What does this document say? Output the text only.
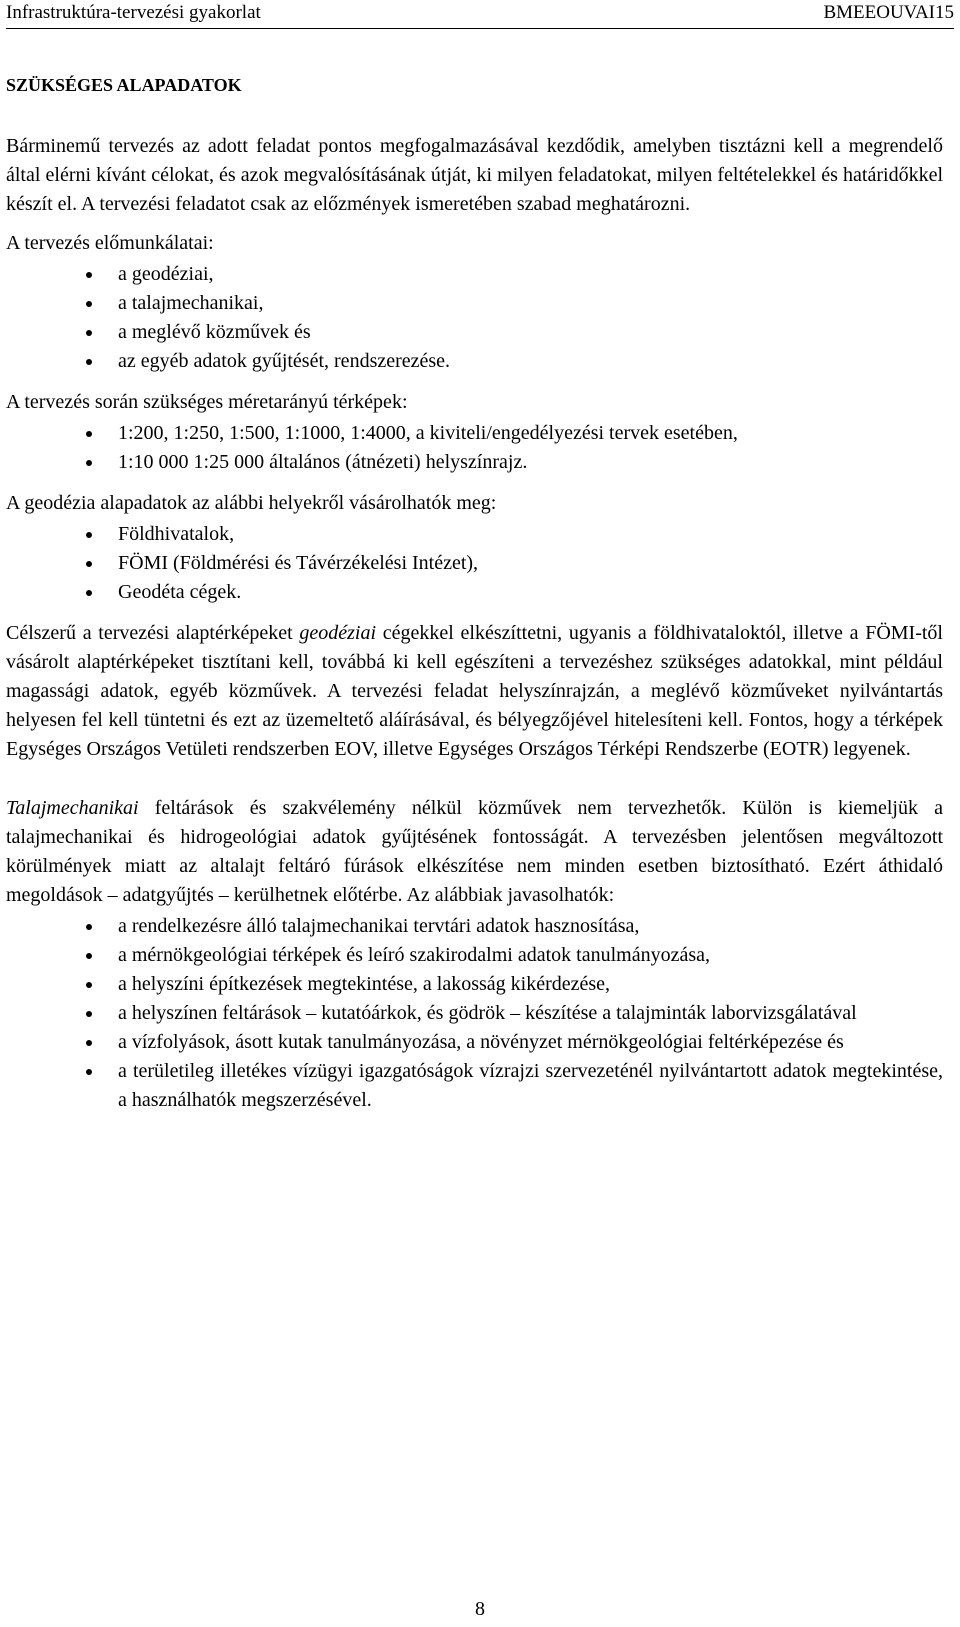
Infrastruktúra-tervezési gyakorlat	BMEEOUVAI15
SZÜKSÉGES ALAPADATOK

Bárminemű tervezés az adott feladat pontos megfogalmazásával kezdődik, amelyben tisztázni kell a megrendelő által elérni kívánt célokat, és azok megvalósításának útját, ki milyen feladatokat, milyen feltételekkel és határidőkkel készít el. A tervezési feladatot csak az előzmények ismeretében szabad meghatározni.

A tervezés előmunkálatai:

a geodéziai,
a talajmechanikai,
a meglévő közművek és
az egyéb adatok gyűjtését, rendszerezése.

A tervezés során szükséges méretarányú térképek:

1:200, 1:250, 1:500, 1:1000, 1:4000, a kiviteli/engedélyezési tervek esetében,
1:10 000 1:25 000 általános (átnézeti) helyszínrajz.

A geodézia alapadatok az alábbi helyekről vásárolhatók meg:

Földhivatalok,
FÖMI (Földmérési és Távérzékelési Intézet),
Geodéta cégek.

Célszerű a tervezési alaptérképeket geodéziai cégekkel elkészíttetni, ugyanis a földhivataloktól, illetve a FÖMI-től vásárolt alaptérképeket tisztítani kell, továbbá ki kell egészíteni a tervezéshez szükséges adatokkal, mint például magassági adatok, egyéb közművek. A tervezési feladat helyszínrajzán, a meglévő közműveket nyilvántartás helyesen fel kell tüntetni és ezt az üzemeltető aláírásával, és bélyegzőjével hitelesíteni kell. Fontos, hogy a térképek Egységes Országos Vetületi rendszerben EOV, illetve Egységes Országos Térképi Rendszerbe (EOTR) legyenek.

Talajmechanikai feltárások és szakvélemény nélkül közművek nem tervezhetők. Külön is kiemeljük a talajmechanikai és hidrogeológiai adatok gyűjtésének fontosságát. A tervezésben jelentősen megváltozott körülmények miatt az altalajt feltáró fúrások elkészítése nem minden esetben biztosítható. Ezért áthidaló megoldások – adatgyűjtés – kerülhetnek előtérbe. Az alábbiak javasolhatók:

a rendelkezésre álló talajmechanikai tervtári adatok hasznosítása,
a mérnökgeológiai térképek és leíró szakirodalmi adatok tanulmányozása,
a helyszíni építkezések megtekintése, a lakosság kikérdezése,
a helyszínen feltárások – kutatóárkok, és gödrök – készítése a talajminták laborvizsgálatával
a vízfolyások, ásott kutak tanulmányozása, a növényzet mérnökgeológiai feltérképezése és
a területileg illetékes vízügyi igazgatóságok vízrajzi szervezeténél nyilvántartott adatok megtekintése, a használhatók megszerzésével.
8
